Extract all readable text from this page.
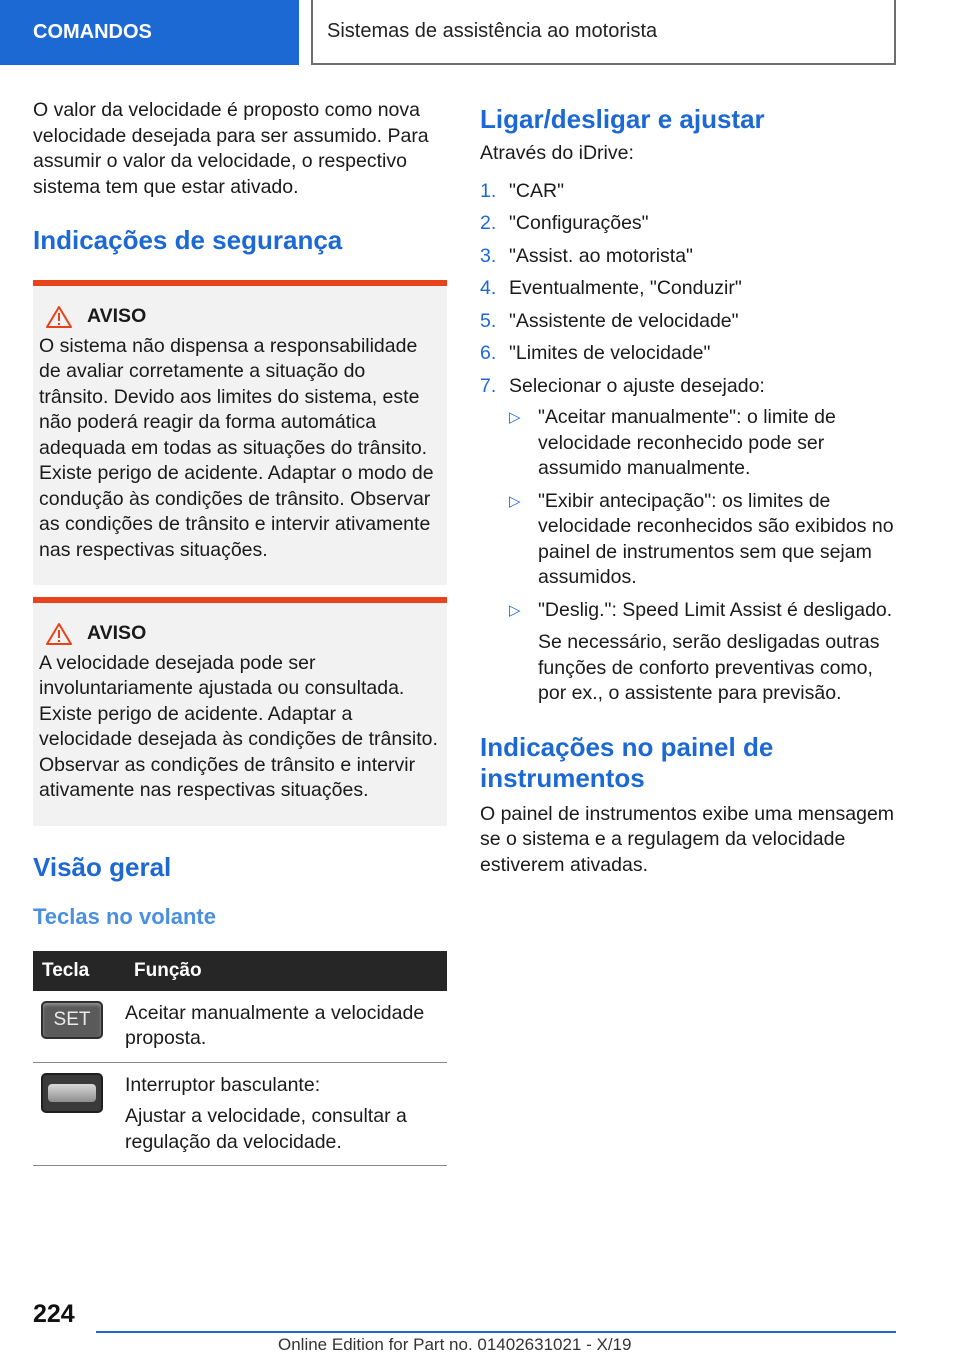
COMANDOS	Sistemas de assistência ao motorista

O valor da velocidade é proposto como nova velocidade desejada para ser assumido. Para assumir o valor da velocidade, o respectivo sistema tem que estar ativado.

Indicações de segurança
AVISO

O sistema não dispensa a responsabilidade de avaliar corretamente a situação do trânsito. Devido aos limites do sistema, este não poderá reagir da forma automática adequada em todas as situações do trânsito. Existe perigo de acidente. Adaptar o modo de condução às condições de trânsito. Observar as condições de trânsito e intervir ativamente nas respectivas situações.

AVISO

A velocidade desejada pode ser involuntariamente ajustada ou consultada. Existe perigo de acidente. Adaptar a velocidade desejada às condições de trânsito. Observar as condições de trânsito e intervir ativamente nas respectivas situações.

Visão geral
Teclas no volante
Tecla	Função

SET	Aceitar manualmente a velocidade proposta.

	Interruptor basculante:

Ajustar a velocidade, consultar a regulação da velocidade.

Ligar/desligar e ajustar

Através do iDrive:

1. "CAR"
2. "Configurações"
3. "Assist. ao motorista"
4. Eventualmente, "Conduzir"
5. "Assistente de velocidade"
6. "Limites de velocidade"
7. Selecionar o ajuste desejado:
▷ "Aceitar manualmente": o limite de velocidade reconhecido pode ser assumido manualmente.
▷ "Exibir antecipação": os limites de velocidade reconhecidos são exibidos no painel de instrumentos sem que sejam assumidos.
▷ "Deslig.": Speed Limit Assist é desligado.
Se necessário, serão desligadas outras funções de conforto preventivas como, por ex., o assistente para previsão.
Indicações no painel de instrumentos

O painel de instrumentos exibe uma mensagem se o sistema e a regulagem da velocidade estiverem ativadas.

224
Online Edition for Part no. 01402631021 - X/19
